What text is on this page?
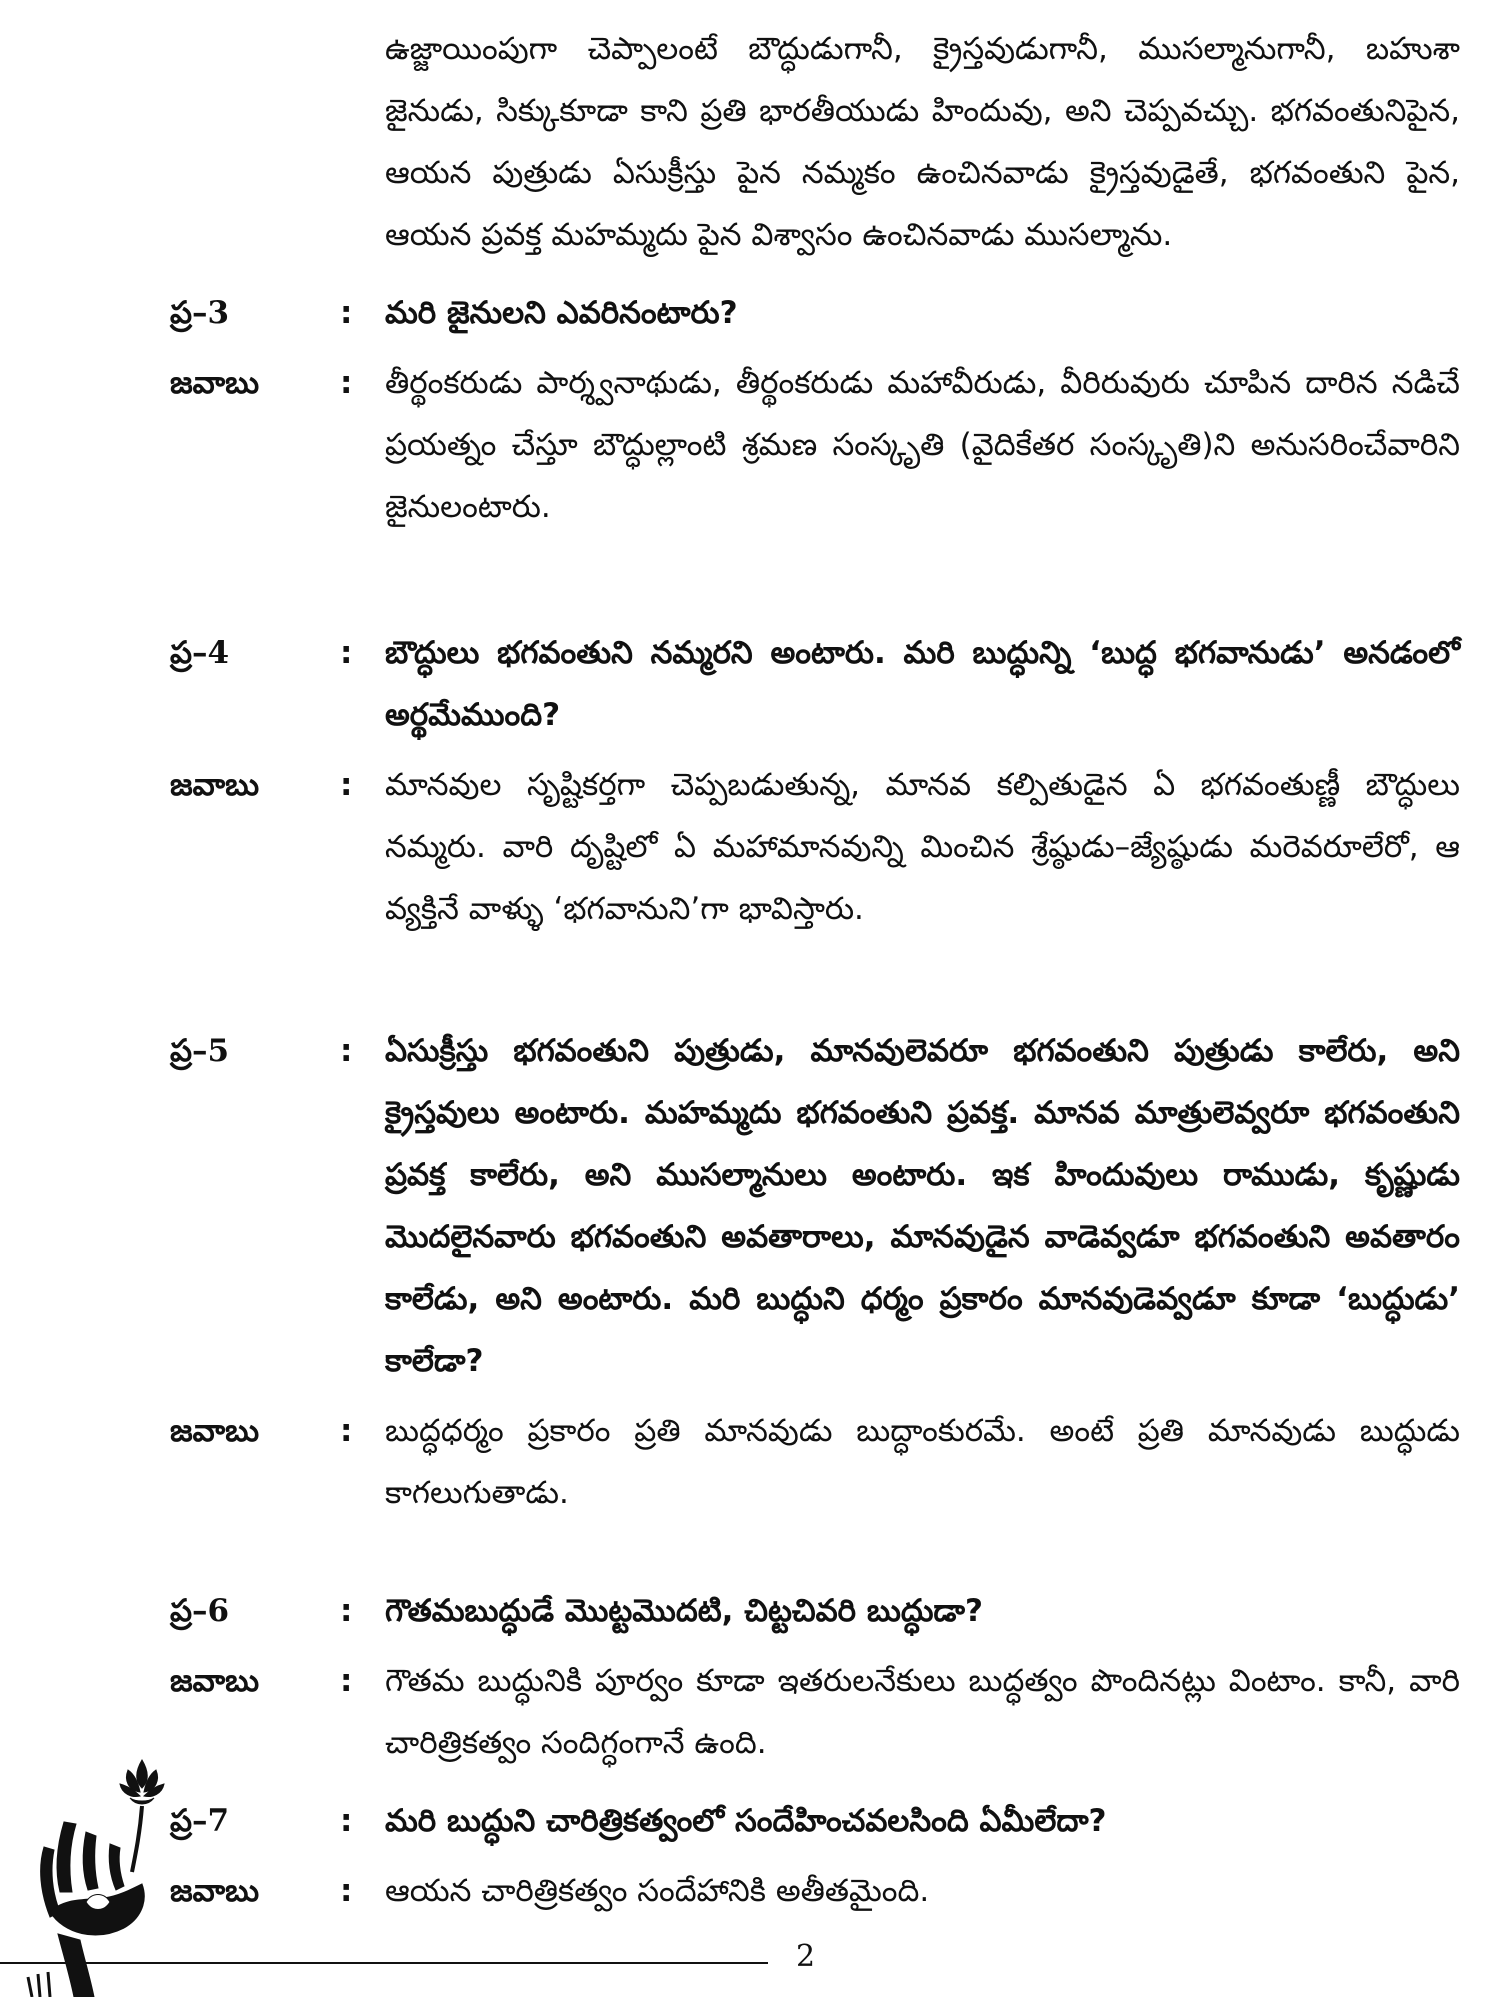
ఉజ్జాయింపుగా చెప్పాలంటే బౌద్ధుడుగానీ, క్రైస్తవుడుగానీ, ముసల్మానుగానీ, బహుశా జైనుడు, సిక్కుకూడా కాని ప్రతి భారతీయుడు హిందువు, అని చెప్పవచ్చు. భగవంతునిపైన, ఆయన పుత్రుడు ఏసుక్రీస్తు పైన నమ్మకం ఉంచినవాడు క్రైస్తవుడైతే, భగవంతుని పైన, ఆయన ప్రవక్త మహమ్మదు పైన విశ్వాసం ఉంచినవాడు ముసల్మాను.

ప్ర–3	:	మరి జైనులని ఎవరినంటారు?

జవాబు	:	తీర్థంకరుడు పార్శ్వనాథుడు, తీర్థంకరుడు మహావీరుడు, వీరిరువురు చూపిన దారిన నడిచే ప్రయత్నం చేస్తూ బౌద్ధుల్లాంటి శ్రమణ సంస్కృతి (వైదికేతర సంస్కృతి)ని అనుసరించేవారిని జైనులంటారు.

ప్ర–4	:	బౌద్ధులు భగవంతుని నమ్మరని అంటారు. మరి బుద్ధున్ని ‘బుద్ధ భగవానుడు’ అనడంలో అర్థమేముంది?

జవాబు	:	మానవుల సృష్టికర్తగా చెప్పబడుతున్న, మానవ కల్పితుడైన ఏ భగవంతుణ్ణీ బౌద్ధులు నమ్మరు. వారి దృష్టిలో ఏ మహామానవున్ని మించిన శ్రేష్ఠుడు–జ్యేష్ఠుడు మరెవరూలేరో, ఆ వ్యక్తినే వాళ్ళు ‘భగవానుని’గా భావిస్తారు.

ప్ర–5	:	ఏసుక్రీస్తు భగవంతుని పుత్రుడు, మానవులెవరూ భగవంతుని పుత్రుడు కాలేరు, అని క్రైస్తవులు అంటారు. మహమ్మదు భగవంతుని ప్రవక్త. మానవ మాత్రులెవ్వరూ భగవంతుని ప్రవక్త కాలేరు, అని ముసల్మానులు అంటారు. ఇక హిందువులు రాముడు, కృష్ణుడు మొదలైనవారు భగవంతుని అవతారాలు, మానవుడైన వాడెవ్వడూ భగవంతుని అవతారం కాలేడు, అని అంటారు. మరి బుద్ధుని ధర్మం ప్రకారం మానవుడెవ్వడూ కూడా ‘బుద్ధుడు’ కాలేడా?

జవాబు	:	బుద్ధధర్మం ప్రకారం ప్రతి మానవుడు బుద్ధాంకురమే. అంటే ప్రతి మానవుడు బుద్ధుడు కాగలుగుతాడు.

ప్ర–6	:	గౌతమబుద్ధుడే మొట్టమొదటి, చిట్టచివరి బుద్ధుడా?

జవాబు	:	గౌతమ బుద్ధునికి పూర్వం కూడా ఇతరులనేకులు బుద్ధత్వం పొందినట్లు వింటాం. కానీ, వారి చారిత్రికత్వం సందిగ్ధంగానే ఉంది.

ప్ర–7	:	మరి బుద్ధుని చారిత్రికత్వంలో సందేహించవలసింది ఏమీలేదా?

జవాబు	:	ఆయన చారిత్రికత్వం సందేహానికి అతీతమైంది.

2
